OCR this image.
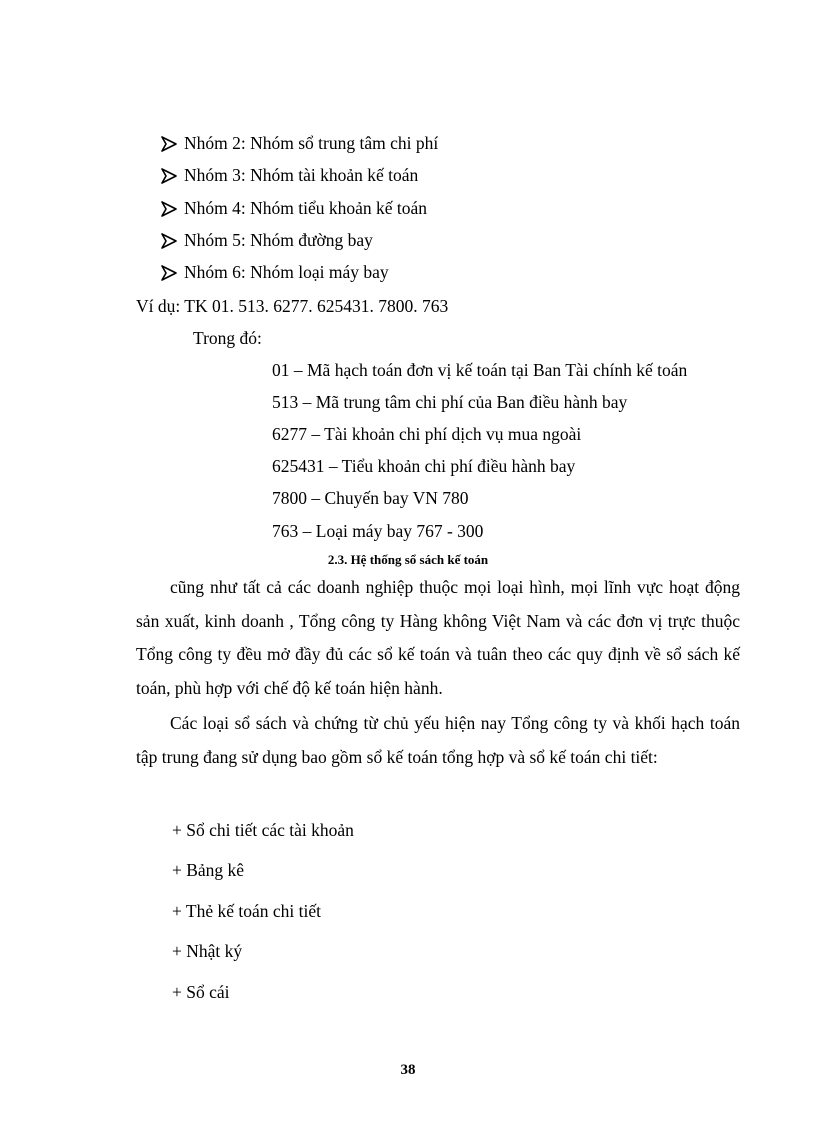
Nhóm 2: Nhóm sổ trung tâm chi phí
Nhóm 3: Nhóm tài khoản kế toán
Nhóm 4: Nhóm tiểu khoản kế toán
Nhóm 5: Nhóm đường bay
Nhóm 6: Nhóm loại máy bay
Ví dụ: TK 01. 513. 6277. 625431. 7800. 763
Trong đó:
01 – Mã hạch toán đơn vị kế toán tại Ban Tài chính kế toán
513 – Mã trung tâm chi phí của Ban điều hành bay
6277 – Tài khoản chi phí dịch vụ mua ngoài
625431 – Tiểu khoản chi phí điều hành bay
7800 – Chuyến bay VN 780
763 – Loại máy bay 767 - 300
2.3. Hệ thống sổ sách kế toán
cũng như tất cả các doanh nghiệp thuộc mọi loại hình, mọi lĩnh vực hoạt động sản xuất, kinh doanh , Tổng công ty Hàng không Việt Nam và các đơn vị trực thuộc Tổng công ty đều mở đầy đủ các sổ kế toán và tuân theo các quy định về sổ sách kế toán, phù hợp với chế độ kế toán hiện hành.
Các loại sổ sách và chứng từ chủ yếu hiện nay Tổng công ty và khối hạch toán tập trung đang sử dụng bao gồm sổ kế toán tổng hợp và sổ kế toán chi tiết:
+ Sổ chi tiết các tài khoản
+ Bảng kê
+ Thẻ kế toán chi tiết
+ Nhật ký
+ Sổ cái
38
